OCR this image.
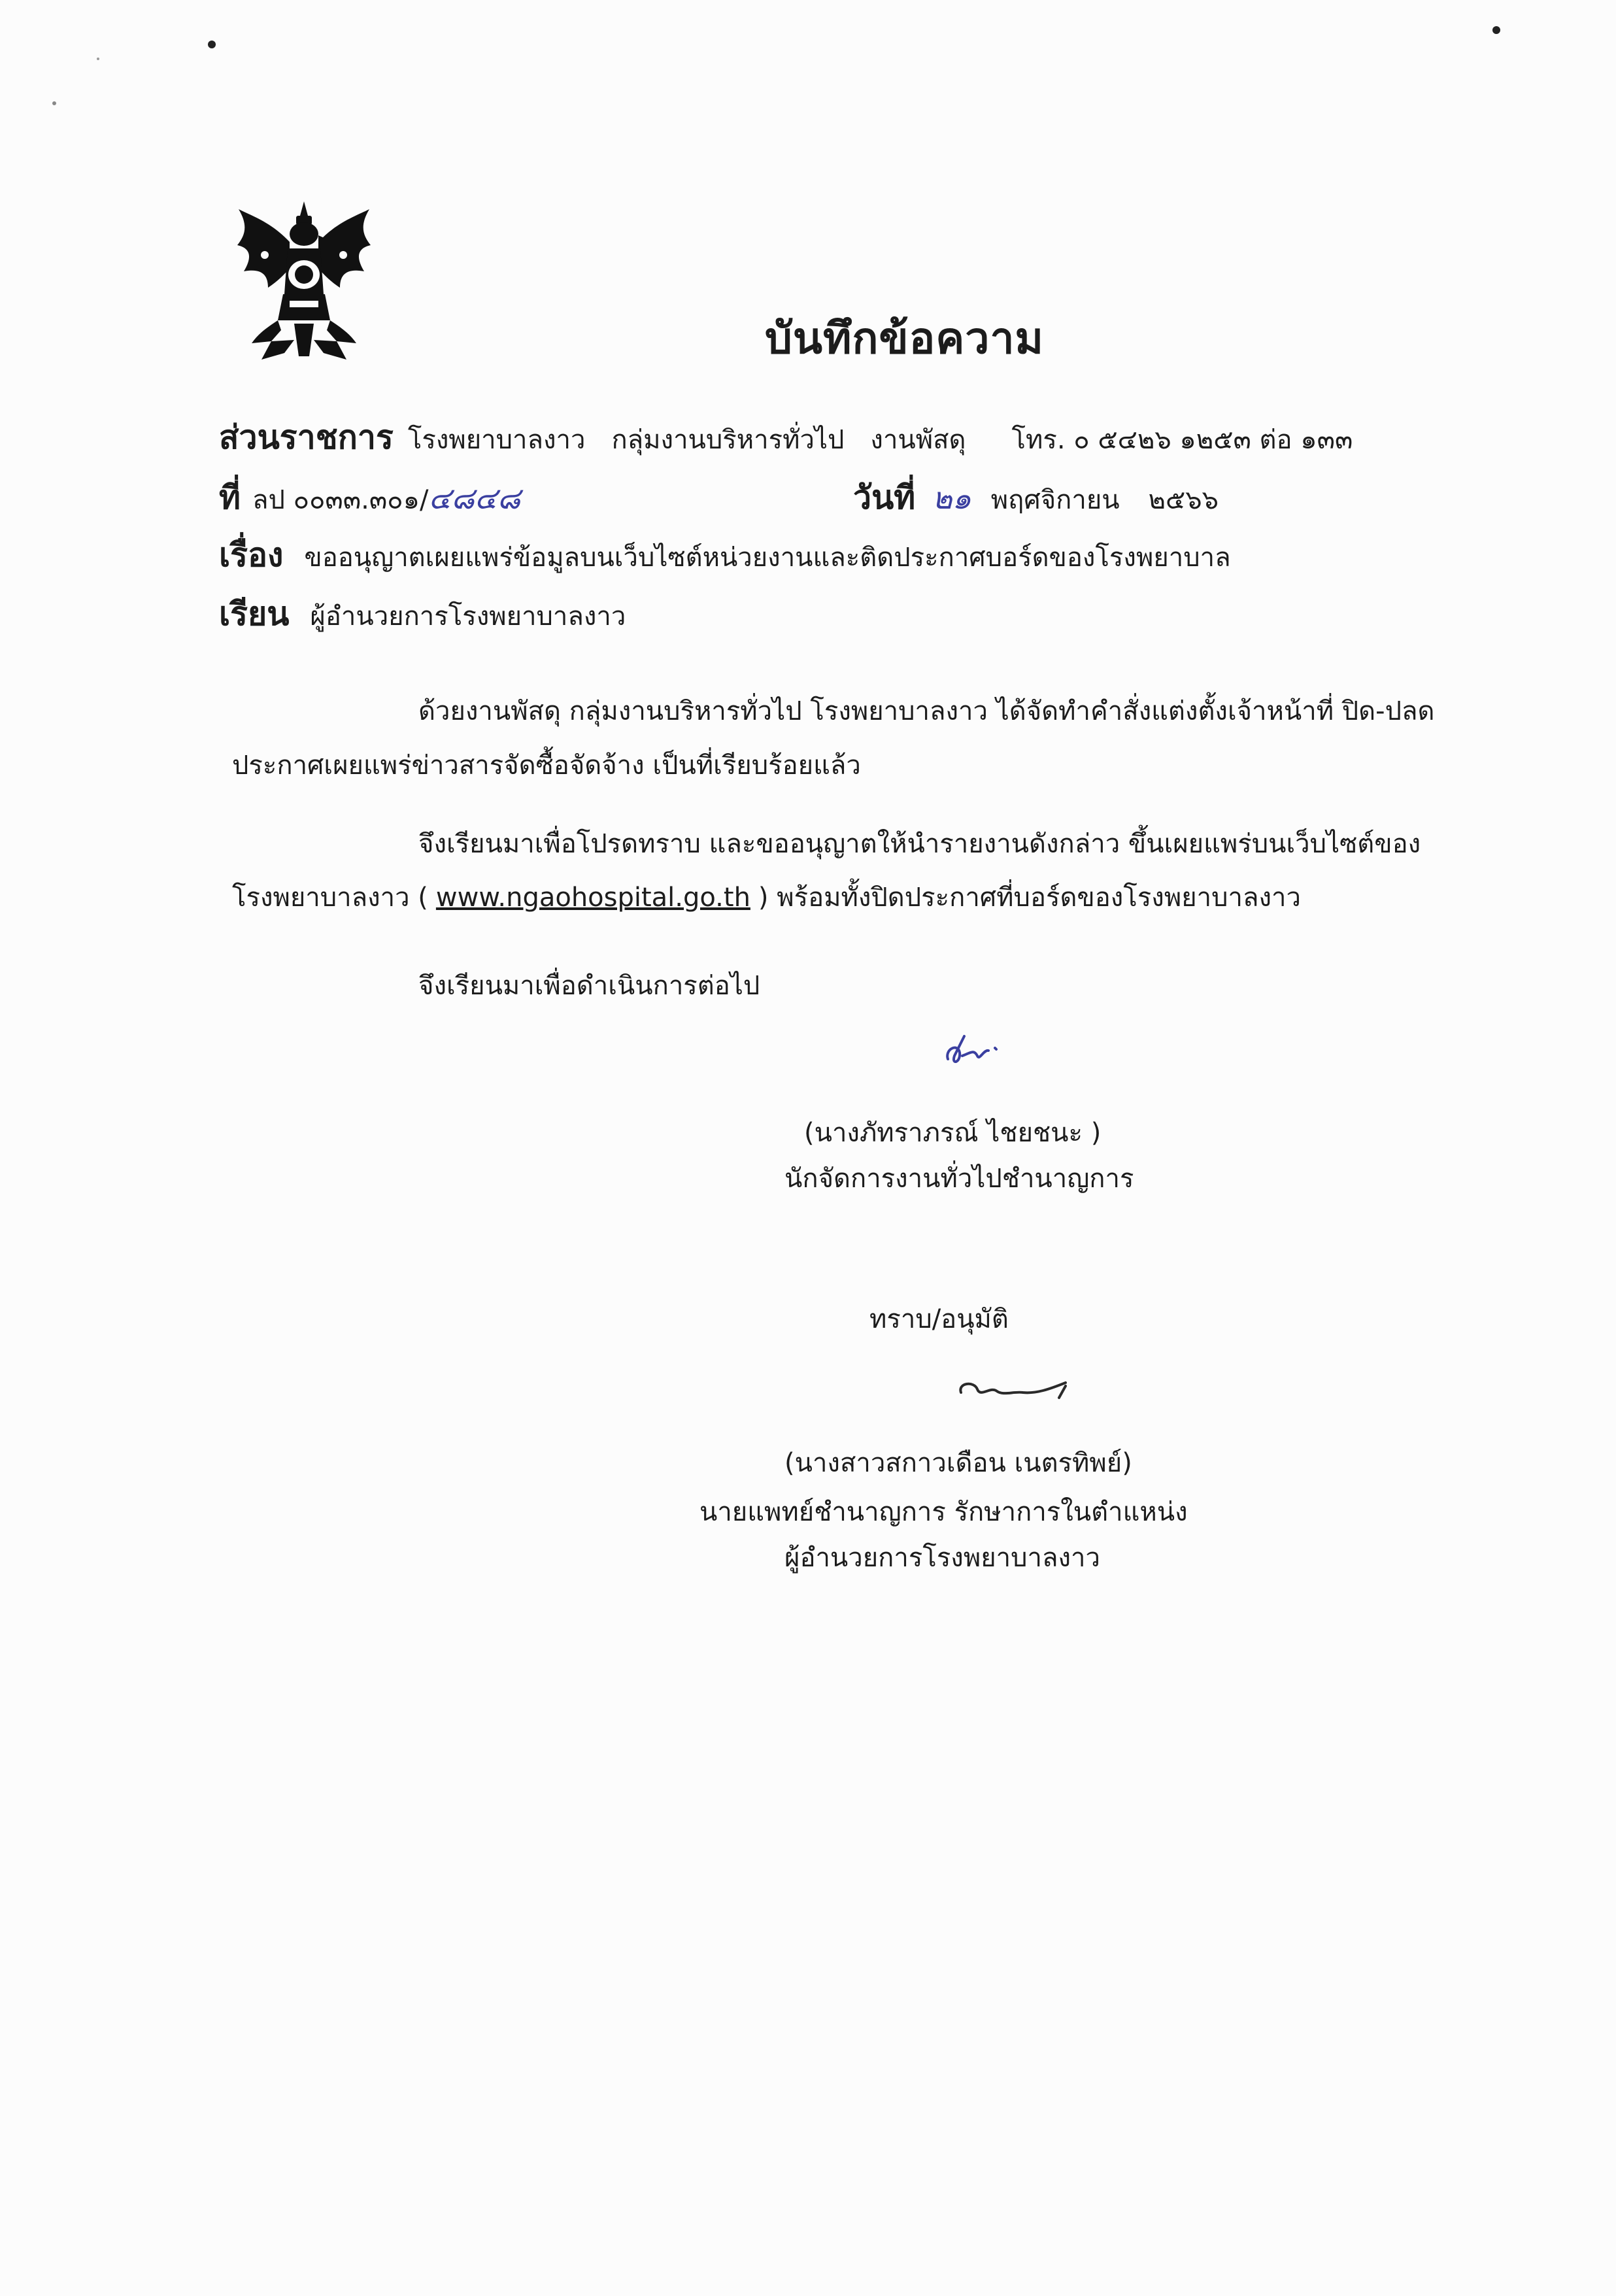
บันทึกข้อความ
ส่วนราชการ โรงพยาบาลงาว กลุ่มงานบริหารทั่วไป งานพัสดุ โทร. ๐ ๕๔๒๖ ๑๒๕๓ ต่อ ๑๓๓
ที่ ลป ๐๐๓๓.๓๐๑/๔๘๔๘	วันที่ ๒๑ พฤศจิกายน ๒๕๖๖
เรื่อง ขออนุญาตเผยแพร่ข้อมูลบนเว็บไซต์หน่วยงานและติดประกาศบอร์ดของโรงพยาบาล
เรียน ผู้อำนวยการโรงพยาบาลงาว
ด้วยงานพัสดุ กลุ่มงานบริหารทั่วไป โรงพยาบาลงาว ได้จัดทำคำสั่งแต่งตั้งเจ้าหน้าที่ ปิด-ปลด
ประกาศเผยแพร่ข่าวสารจัดซื้อจัดจ้าง เป็นที่เรียบร้อยแล้ว
จึงเรียนมาเพื่อโปรดทราบ และขออนุญาตให้นำรายงานดังกล่าว ขึ้นเผยแพร่บนเว็บไซต์ของ
โรงพยาบาลงาว ( www.ngaohospital.go.th ) พร้อมทั้งปิดประกาศที่บอร์ดของโรงพยาบาลงาว
จึงเรียนมาเพื่อดำเนินการต่อไป
(นางภัทราภรณ์ ไชยชนะ )
นักจัดการงานทั่วไปชำนาญการ
ทราบ/อนุมัติ
(นางสาวสกาวเดือน เนตรทิพย์)
นายแพทย์ชำนาญการ รักษาการในตำแหน่ง
ผู้อำนวยการโรงพยาบาลงาว
